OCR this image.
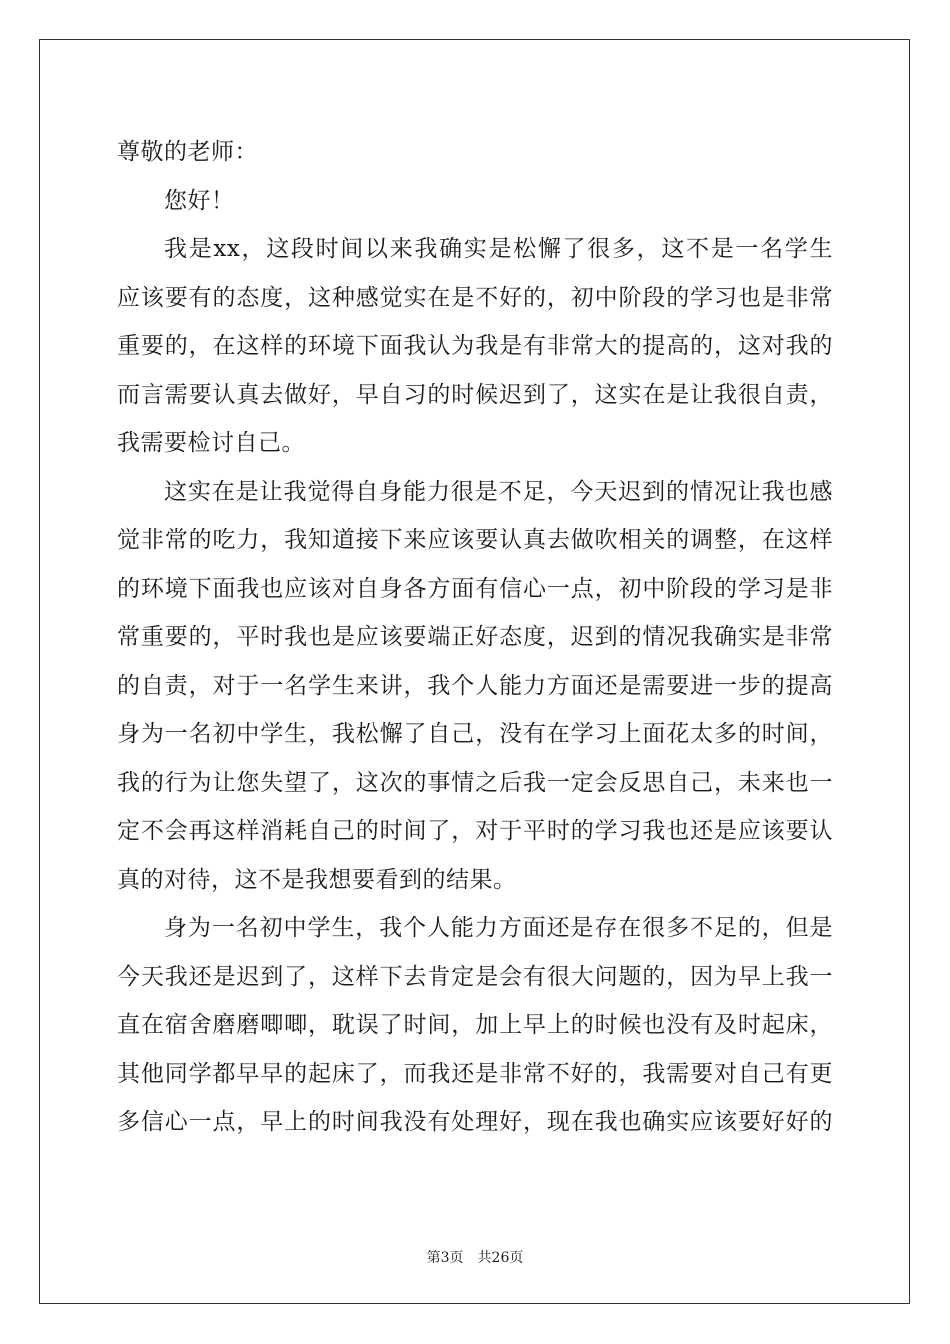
尊敬的老师：
您好！
我是xx，这段时间以来我确实是松懈了很多，这不是一名学生
应该要有的态度，这种感觉实在是不好的，初中阶段的学习也是非常
重要的，在这样的环境下面我认为我是有非常大的提高的，这对我的
而言需要认真去做好，早自习的时候迟到了，这实在是让我很自责，
我需要检讨自己。
这实在是让我觉得自身能力很是不足，今天迟到的情况让我也感
觉非常的吃力，我知道接下来应该要认真去做吹相关的调整，在这样
的环境下面我也应该对自身各方面有信心一点，初中阶段的学习是非
常重要的，平时我也是应该要端正好态度，迟到的情况我确实是非常
的自责，对于一名学生来讲，我个人能力方面还是需要进一步的提高
身为一名初中学生，我松懈了自己，没有在学习上面花太多的时间，
我的行为让您失望了，这次的事情之后我一定会反思自己，未来也一
定不会再这样消耗自己的时间了，对于平时的学习我也还是应该要认
真的对待，这不是我想要看到的结果。
身为一名初中学生，我个人能力方面还是存在很多不足的，但是
今天我还是迟到了，这样下去肯定是会有很大问题的，因为早上我一
直在宿舍磨磨唧唧，耽误了时间，加上早上的时候也没有及时起床，
其他同学都早早的起床了，而我还是非常不好的，我需要对自己有更
多信心一点，早上的时间我没有处理好，现在我也确实应该要好好的
第3页 共26页
